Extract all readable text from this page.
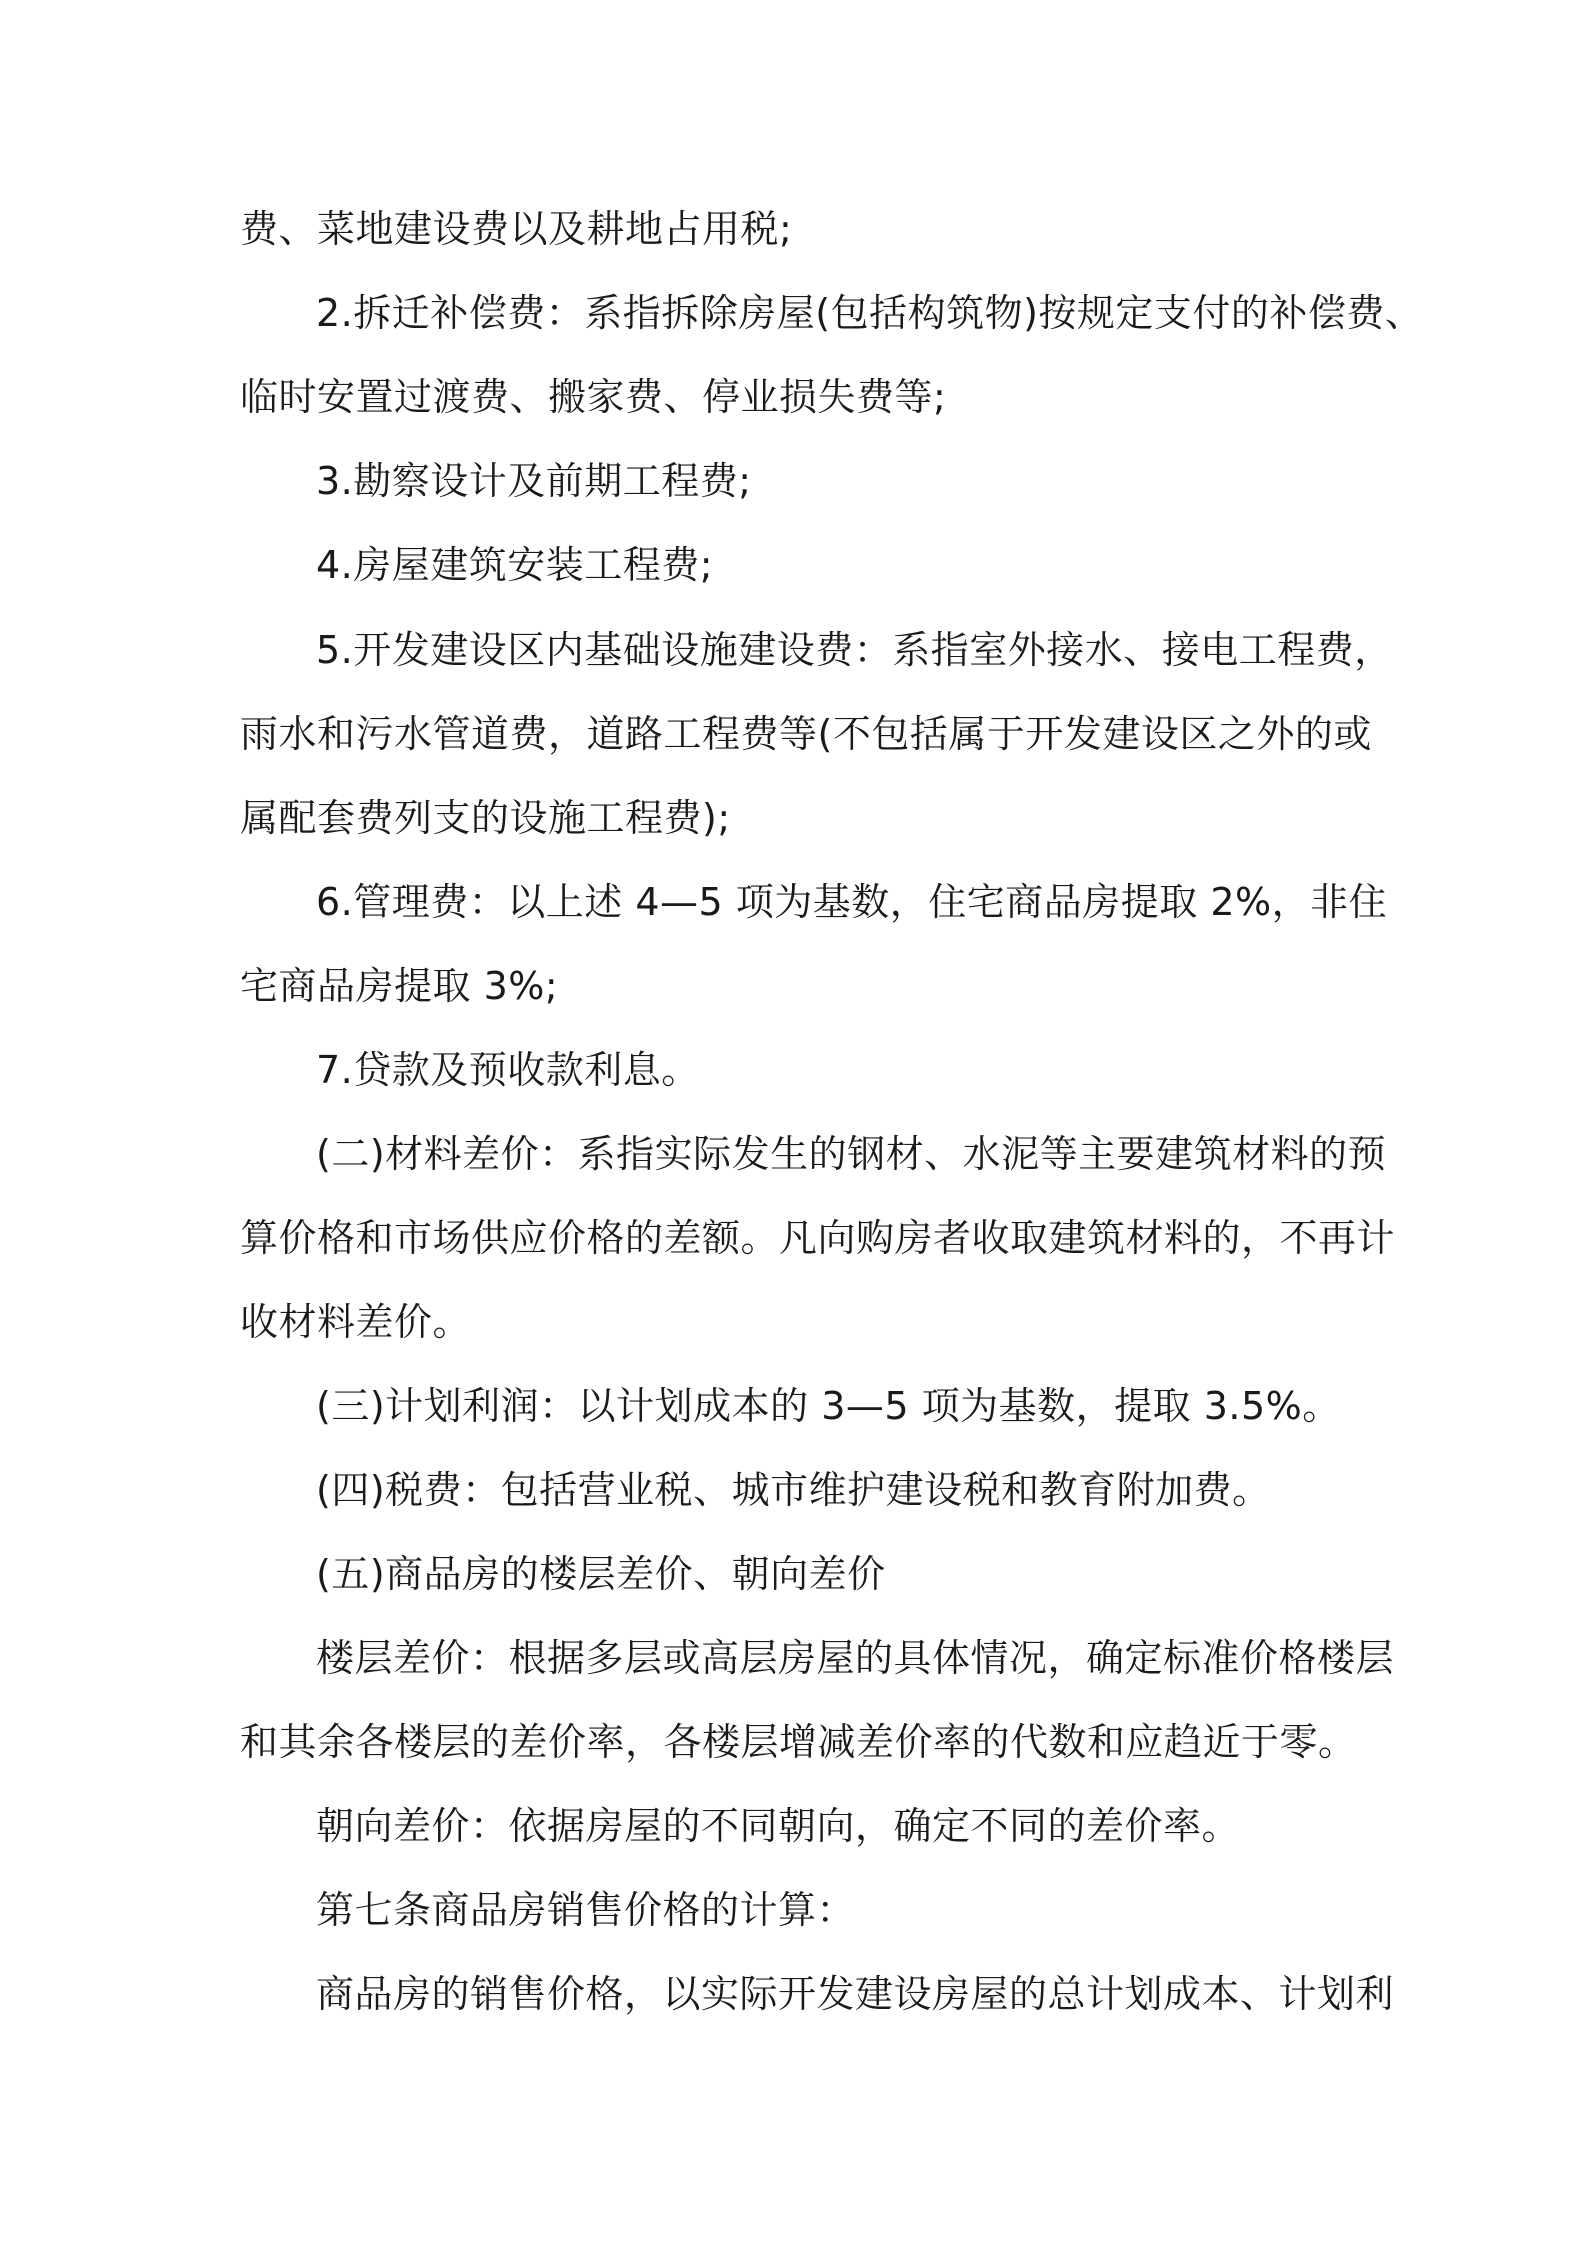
费、菜地建设费以及耕地占用税;
2.拆迁补偿费：系指拆除房屋(包括构筑物)按规定支付的补偿费、
临时安置过渡费、搬家费、停业损失费等;
3.勘察设计及前期工程费;
4.房屋建筑安装工程费;
5.开发建设区内基础设施建设费：系指室外接水、接电工程费，
雨水和污水管道费，道路工程费等(不包括属于开发建设区之外的或
属配套费列支的设施工程费);
6.管理费：以上述 4—5 项为基数，住宅商品房提取 2%，非住
宅商品房提取 3%;
7.贷款及预收款利息。
(二)材料差价：系指实际发生的钢材、水泥等主要建筑材料的预
算价格和市场供应价格的差额。凡向购房者收取建筑材料的，不再计
收材料差价。
(三)计划利润：以计划成本的 3—5 项为基数，提取 3.5%。
(四)税费：包括营业税、城市维护建设税和教育附加费。
(五)商品房的楼层差价、朝向差价
楼层差价：根据多层或高层房屋的具体情况，确定标准价格楼层
和其余各楼层的差价率，各楼层增减差价率的代数和应趋近于零。
朝向差价：依据房屋的不同朝向，确定不同的差价率。
第七条商品房销售价格的计算：
商品房的销售价格，以实际开发建设房屋的总计划成本、计划利
